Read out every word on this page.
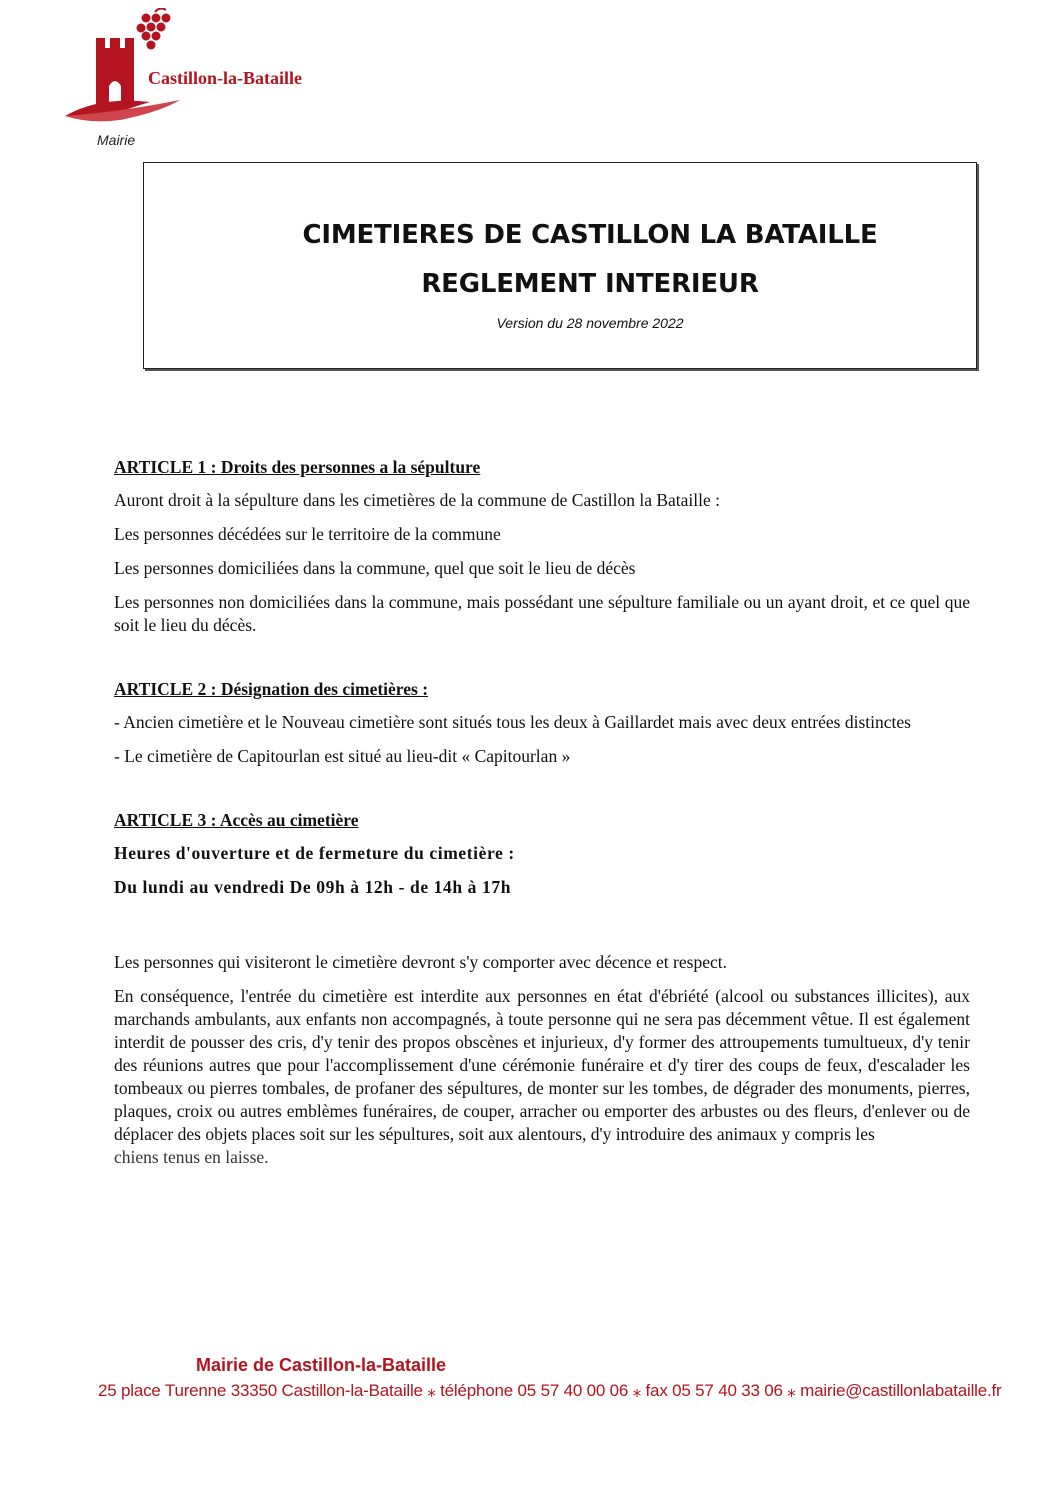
Castillon-la-Bataille

Mairie

CIMETIERES DE CASTILLON LA BATAILLE

REGLEMENT INTERIEUR

Version du 28 novembre 2022

ARTICLE 1 : Droits des personnes a la sépulture

Auront droit à la sépulture dans les cimetières de la commune de Castillon la Bataille :

Les personnes décédées sur le territoire de la commune

Les personnes domiciliées dans la commune, quel que soit le lieu de décès

Les personnes non domiciliées dans la commune, mais possédant une sépulture familiale ou un ayant droit, et ce quel que soit le lieu du décès.

ARTICLE 2 : Désignation des cimetières :

- Ancien cimetière et le Nouveau cimetière sont situés tous les deux à Gaillardet mais avec deux entrées distinctes

- Le cimetière de Capitourlan est situé au lieu-dit « Capitourlan »

ARTICLE 3 : Accès au cimetière

Heures d'ouverture et de fermeture du cimetière :

Du lundi au vendredi De 09h à 12h - de 14h à 17h

Les personnes qui visiteront le cimetière devront s'y comporter avec décence et respect.

En conséquence, l'entrée du cimetière est interdite aux personnes en état d'ébriété (alcool ou substances illicites), aux marchands ambulants, aux enfants non accompagnés, à toute personne qui ne sera pas décemment vêtue. Il est également interdit de pousser des cris, d'y tenir des propos obscènes et injurieux, d'y former des attroupements tumultueux, d'y tenir des réunions autres que pour l'accomplissement d'une cérémonie funéraire et d'y tirer des coups de feux, d'escalader les tombeaux ou pierres tombales, de profaner des sépultures, de monter sur les tombes, de dégrader des monuments, pierres, plaques, croix ou autres emblèmes funéraires, de couper, arracher ou emporter des arbustes ou des fleurs, d'enlever ou de déplacer des objets places soit sur les sépultures, soit aux alentours, d'y introduire des animaux y compris les

chiens tenus en laisse.

Mairie de Castillon-la-Bataille

25 place Turenne 33350 Castillon-la-Bataille ⁎ téléphone 05 57 40 00 06 ⁎ fax 05 57 40 33 06 ⁎ mairie@castillonlabataille.fr
